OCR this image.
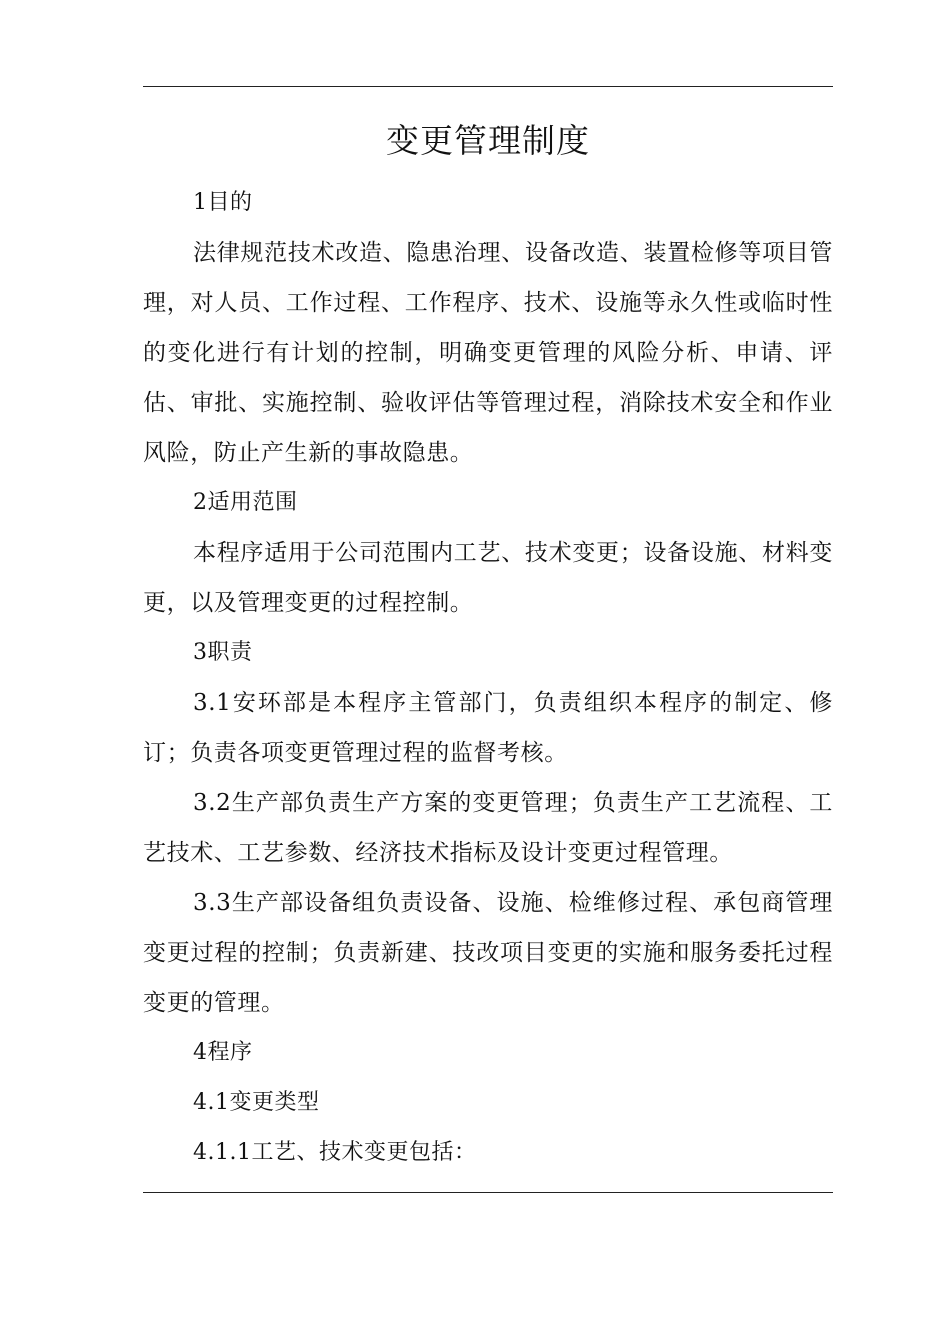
变更管理制度

1目的

法律规范技术改造、隐患治理、设备改造、装置检修等项目管理，对人员、工作过程、工作程序、技术、设施等永久性或临时性的变化进行有计划的控制，明确变更管理的风险分析、申请、评估、审批、实施控制、验收评估等管理过程，消除技术安全和作业风险，防止产生新的事故隐患。

2适用范围

本程序适用于公司范围内工艺、技术变更；设备设施、材料变更，以及管理变更的过程控制。

3职责

3.1安环部是本程序主管部门，负责组织本程序的制定、修订；负责各项变更管理过程的监督考核。

3.2生产部负责生产方案的变更管理；负责生产工艺流程、工艺技术、工艺参数、经济技术指标及设计变更过程管理。

3.3生产部设备组负责设备、设施、检维修过程、承包商管理变更过程的控制；负责新建、技改项目变更的实施和服务委托过程变更的管理。

4程序

4.1变更类型

4.1.1工艺、技术变更包括：
